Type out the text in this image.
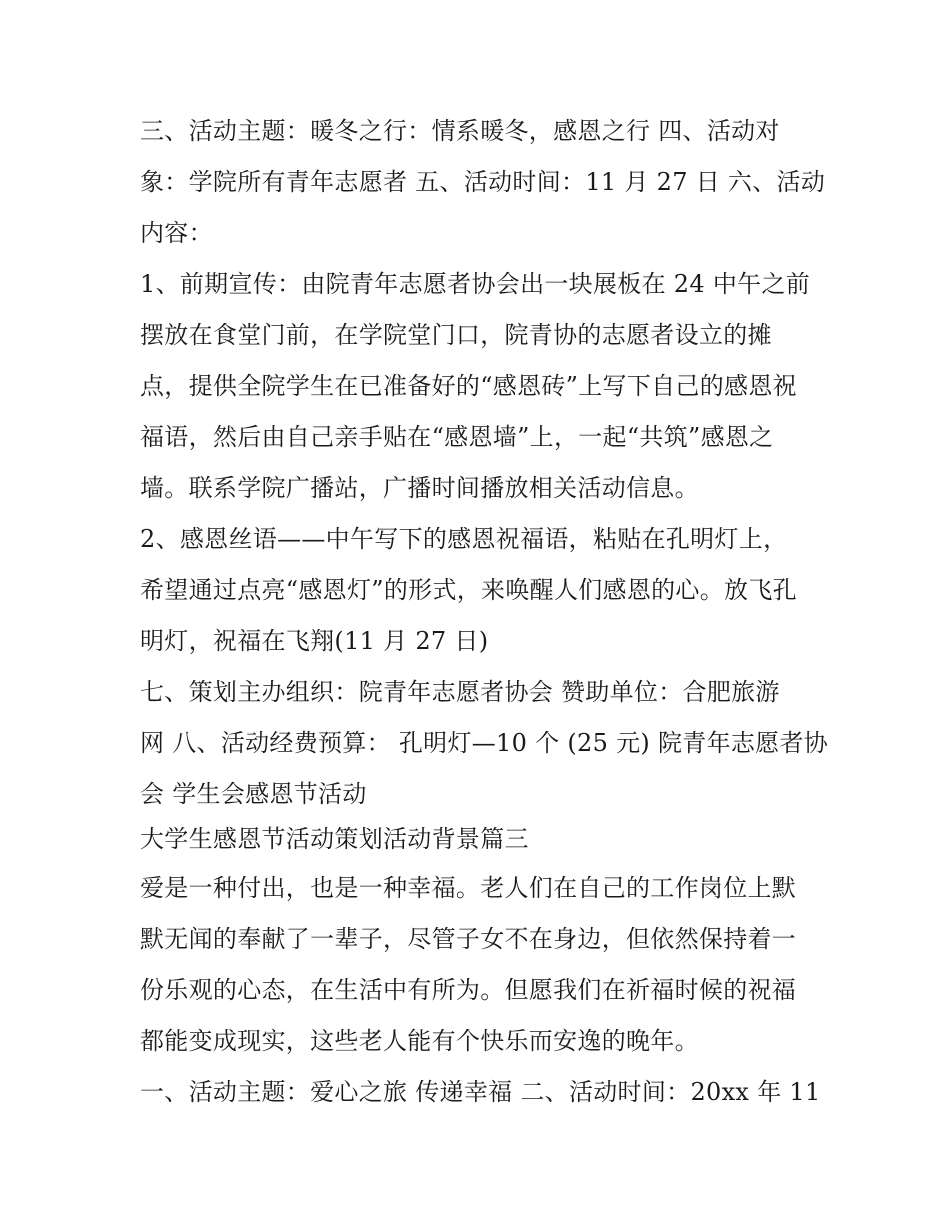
三、活动主题：暖冬之行：情系暖冬，感恩之行 四、活动对
象：学院所有青年志愿者 五、活动时间：11 月 27 日 六、活动
内容：

1、前期宣传：由院青年志愿者协会出一块展板在 24 中午之前
摆放在食堂门前，在学院堂门口，院青协的志愿者设立的摊
点，提供全院学生在已准备好的“感恩砖”上写下自己的感恩祝
福语，然后由自己亲手贴在“感恩墙”上，一起“共筑”感恩之
墙。联系学院广播站，广播时间播放相关活动信息。

2、感恩丝语——中午写下的感恩祝福语，粘贴在孔明灯上，
希望通过点亮“感恩灯”的形式，来唤醒人们感恩的心。放飞孔
明灯，祝福在飞翔(11 月 27 日)

七、策划主办组织：院青年志愿者协会 赞助单位：合肥旅游
网 八、活动经费预算： 孔明灯—10 个 (25 元) 院青年志愿者协
会 学生会感恩节活动

大学生感恩节活动策划活动背景篇三

爱是一种付出，也是一种幸福。老人们在自己的工作岗位上默
默无闻的奉献了一辈子，尽管子女不在身边，但依然保持着一
份乐观的心态，在生活中有所为。但愿我们在祈福时候的祝福
都能变成现实，这些老人能有个快乐而安逸的晚年。

一、活动主题：爱心之旅 传递幸福 二、活动时间：20xx 年 11
